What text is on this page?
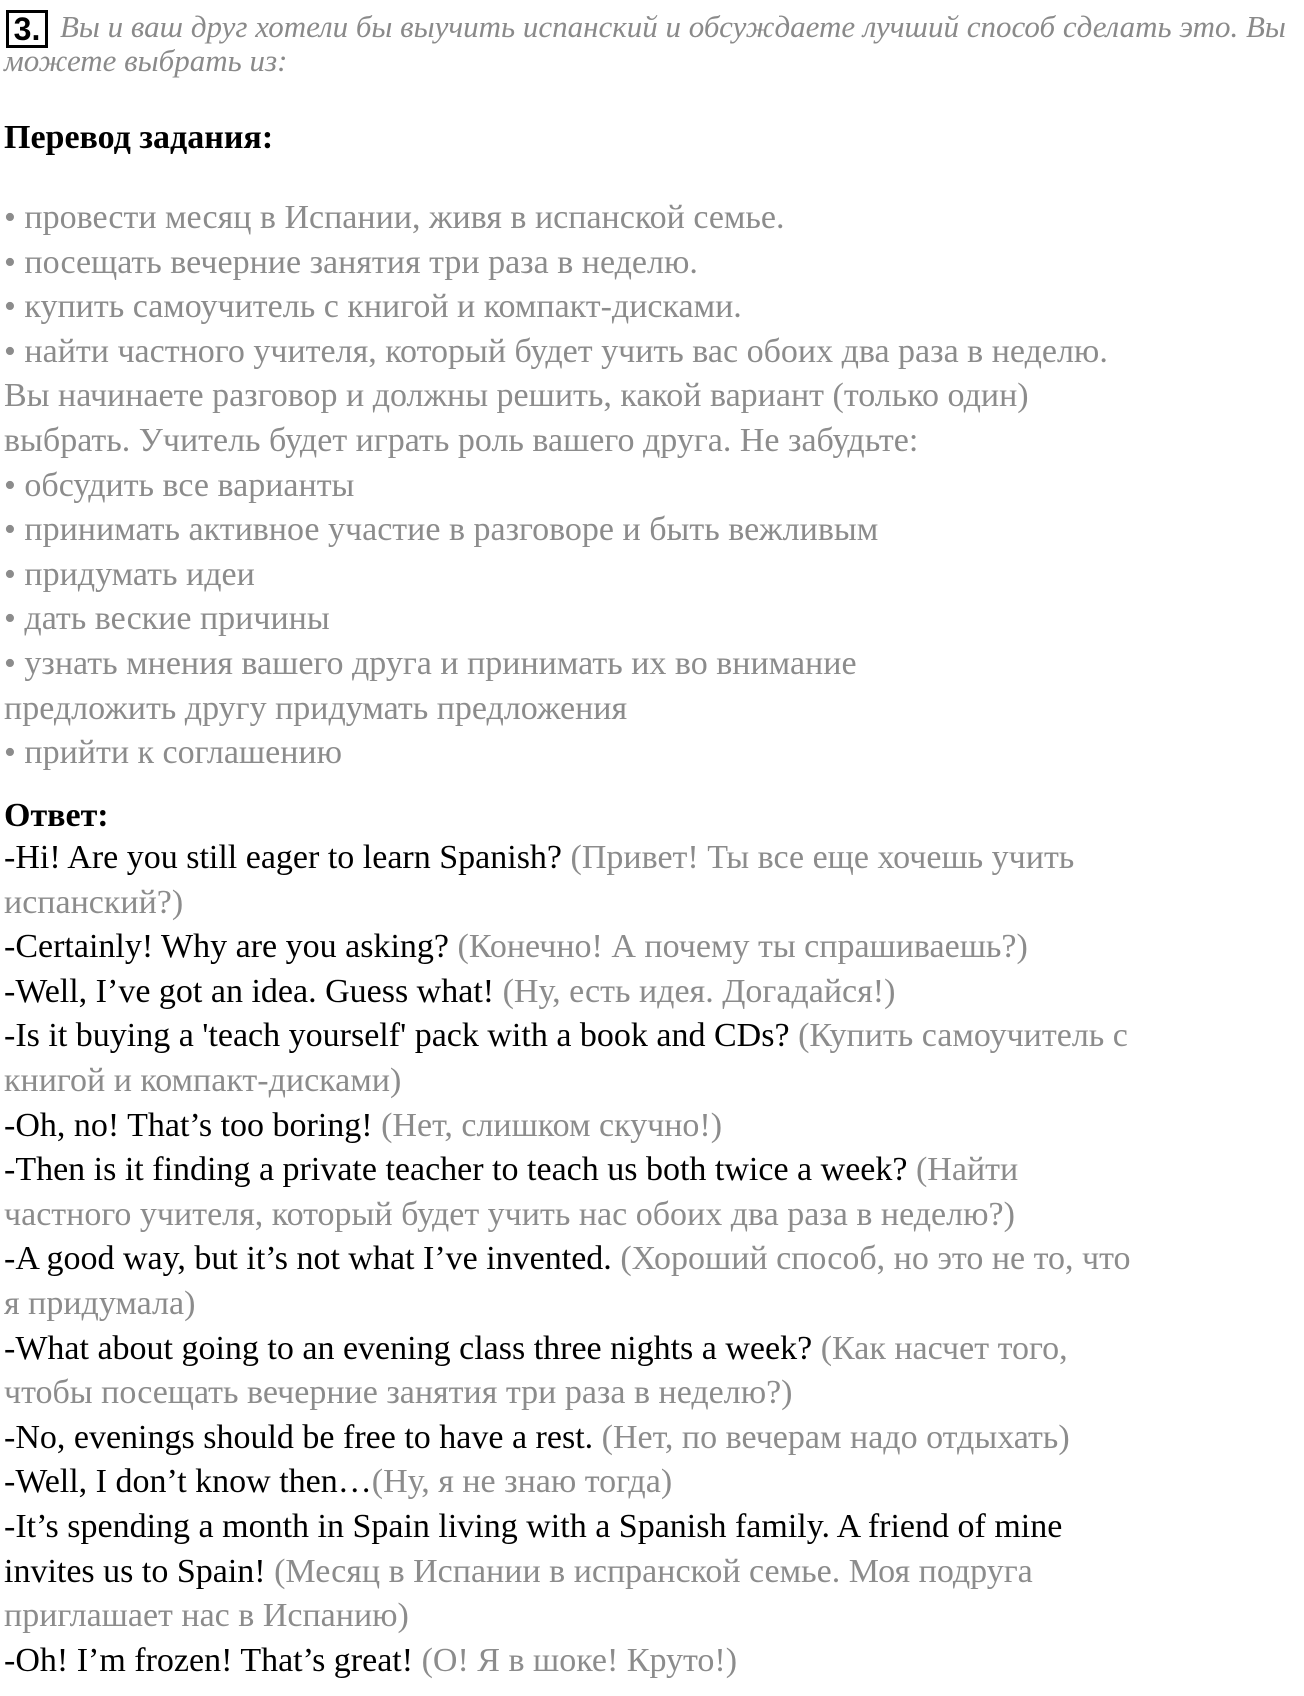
Вы и ваш друг хотели бы выучить испанский и обсуждаете лучший способ сделать это. Вы можете выбрать из:

3.
Перевод задания:
• провести месяц в Испании, живя в испанской семье.
• посещать вечерние занятия три раза в неделю.
• купить самоучитель с книгой и компакт-дисками.
• найти частного учителя, который будет учить вас обоих два раза в неделю.
Вы начинаете разговор и должны решить, какой вариант (только один)
выбрать. Учитель будет играть роль вашего друга. Не забудьте:
• обсудить все варианты
• принимать активное участие в разговоре и быть вежливым
• придумать идеи
• дать веские причины
• узнать мнения вашего друга и принимать их во внимание
предложить другу придумать предложения
• прийти к соглашению
Ответ:
-Hi! Are you still eager to learn Spanish? (Привет! Ты все еще хочешь учить
испанский?)
-Certainly! Why are you asking? (Конечно! А почему ты спрашиваешь?)
-Well, I’ve got an idea. Guess what! (Ну, есть идея. Догадайся!)
-Is it buying a 'teach yourself' pack with a book and CDs? (Купить самоучитель с
книгой и компакт-дисками)
-Oh, no! That’s too boring! (Нет, слишком скучно!)
-Then is it finding a private teacher to teach us both twice a week? (Найти
частного учителя, который будет учить нас обоих два раза в неделю?)
-A good way, but it’s not what I’ve invented. (Хороший способ, но это не то, что
я придумала)
-What about going to an evening class three nights a week? (Как насчет того,
чтобы посещать вечерние занятия три раза в неделю?)
-No, evenings should be free to have a rest. (Нет, по вечерам надо отдыхать)
-Well, I don’t know then…(Ну, я не знаю тогда)
-It’s spending a month in Spain living with a Spanish family. A friend of mine
invites us to Spain! (Месяц в Испании в испранской семье. Моя подруга
приглашает нас в Испанию)
-Oh! I’m frozen! That’s great! (О! Я в шоке! Круто!)
